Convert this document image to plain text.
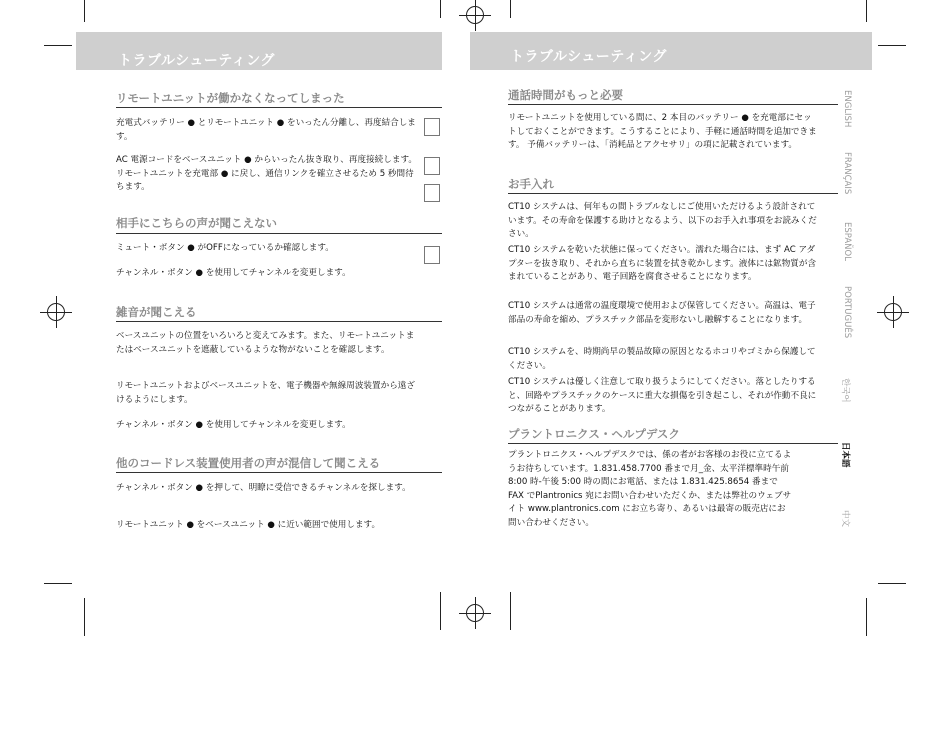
トラブルシューティング
リモートユニットが働かなくなってしまった
充電式バッテリー ● とリモートユニット ● をいったん分離し、再度結合します。
AC 電源コードをベースユニット ● からいったん抜き取り、再度接続します。リモートユニットを充電部 ● に戻し、通信リンクを確立させるため 5 秒間待ちます。
相手にこちらの声が聞こえない
ミュート・ボタン ● がOFFになっているか確認します。
チャンネル・ボタン ● を使用してチャンネルを変更します。
雑音が聞こえる
ベースユニットの位置をいろいろと変えてみます。また、リモートユニットまたはベースユニットを遮蔽しているような物がないことを確認します。
リモートユニットおよびベースユニットを、電子機器や無線周波装置から遠ざけるようにします。
チャンネル・ボタン ● を使用してチャンネルを変更します。
他のコードレス装置使用者の声が混信して聞こえる
チャンネル・ボタン ● を押して、明瞭に受信できるチャンネルを探します。
リモートユニット ● をベースユニット ● に近い範囲で使用します。
トラブルシューティング
通話時間がもっと必要
リモートユニットを使用している間に、2 本目のバッテリー ● を充電部にセットしておくことができます。こうすることにより、手軽に通話時間を追加できます。 予備バッテリーは、「消耗品とアクセサリ」の項に記載されています。
お手入れ
CT10 システムは、何年もの間トラブルなしにご使用いただけるよう設計されています。その寿命を保護する助けとなるよう、以下のお手入れ事項をお読みください。
CT10 システムを乾いた状態に保ってください。濡れた場合には、まず AC アダプターを抜き取り、それから直ちに装置を拭き乾かします。液体には鉱物質が含まれていることがあり、電子回路を腐食させることになります。
CT10 システムは通常の温度環境で使用および保管してください。高温は、電子部品の寿命を縮め、プラスチック部品を変形ないし融解することになります。
CT10 システムを、時期尚早の製品故障の原因となるホコリやゴミから保護してください。
CT10 システムは優しく注意して取り扱うようにしてください。落としたりすると、回路やプラスチックのケースに重大な損傷を引き起こし、それが作動不良につながることがあります。
プラントロニクス・ヘルプデスク
プラントロニクス・ヘルプデスクでは、係の者がお客様のお役に立てるようお待ちしています。1.831.458.7700 番まで月_金、太平洋標準時午前 8:00 時-午後 5:00 時の間にお電話、または 1.831.425.8654 番まで FAX でPlantronics 宛にお問い合わせいただくか、または弊社のウェブサイト www.plantronics.com にお立ち寄り、あるいは最寄の販売店にお問い合わせください。
ENGLISH
FRANÇAIS
ESPAÑOL
PORTUGUÊS
한국어
日本語
中文
